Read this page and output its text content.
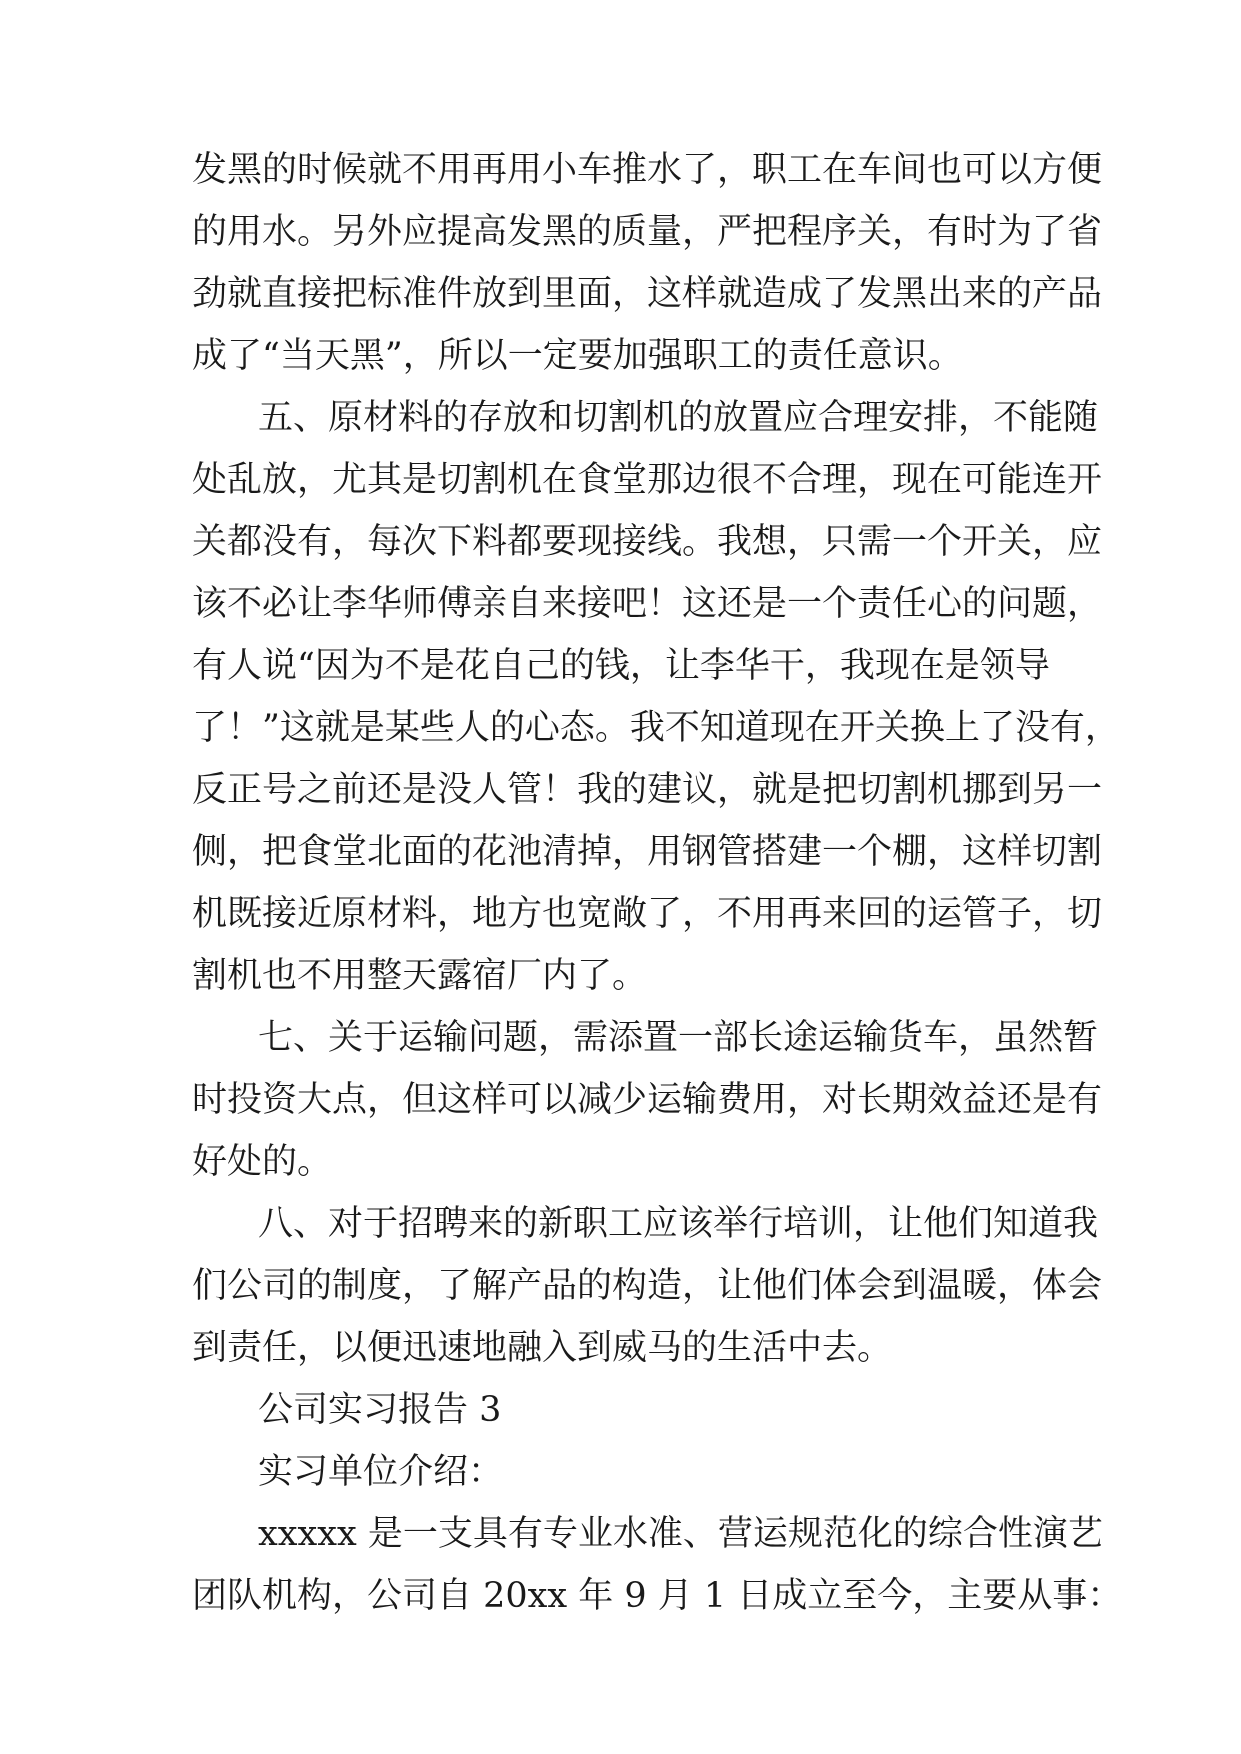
发黑的时候就不用再用小车推水了，职工在车间也可以方便
的用水。另外应提高发黑的质量，严把程序关，有时为了省
劲就直接把标准件放到里面，这样就造成了发黑出来的产品
成了“当天黑”，所以一定要加强职工的责任意识。
五、原材料的存放和切割机的放置应合理安排，不能随
处乱放，尤其是切割机在食堂那边很不合理，现在可能连开
关都没有，每次下料都要现接线。我想，只需一个开关，应
该不必让李华师傅亲自来接吧！这还是一个责任心的问题，
有人说“因为不是花自己的钱，让李华干，我现在是领导
了！”这就是某些人的心态。我不知道现在开关换上了没有，
反正号之前还是没人管！我的建议，就是把切割机挪到另一
侧，把食堂北面的花池清掉，用钢管搭建一个棚，这样切割
机既接近原材料，地方也宽敞了，不用再来回的运管子，切
割机也不用整天露宿厂内了。
七、关于运输问题，需添置一部长途运输货车，虽然暂
时投资大点，但这样可以减少运输费用，对长期效益还是有
好处的。
八、对于招聘来的新职工应该举行培训，让他们知道我
们公司的制度，了解产品的构造，让他们体会到温暖，体会
到责任，以便迅速地融入到威马的生活中去。
公司实习报告 3
实习单位介绍：
xxxxx 是一支具有专业水准、营运规范化的综合性演艺
团队机构，公司自 20xx 年 9 月 1 日成立至今，主要从事：
